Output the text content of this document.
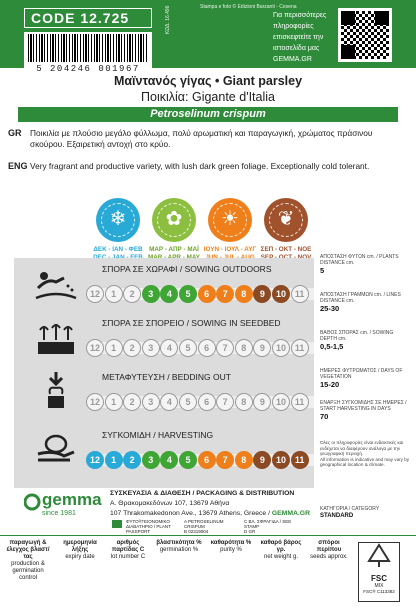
CODE 12.725
5 204246 001967
Stampa e foto © Edizioni Barzanti - Cesena
ΚΩΔ. 16.496	Για περισσότερες πληροφορίες επισκεφτείτε την ιστοσελίδα μας
GEMMA.GR
Μαϊντανός γίγας • Giant parsley
Ποικιλία: Gigante d'Italia
Petroselinum crispum
GR Ποικιλία με πλούσιο μεγάλο φύλλωμα, πολύ αρωματική και παραγωγική, χρώματος πράσινου σκούρου. Εξαιρετική αντοχή στο κρύο.
ENG Very fragrant and productive variety, with lush dark green foliage. Exceptionally cold tolerant.
❄	✿	☀	❦
ΔΕΚ - ΙΑΝ - ΦΕΒ	ΜΑΡ - ΑΠΡ - ΜΑΪ ΙΟΥΝ - ΙΟΥΛ - ΑΥΓ ΣΕΠ - ΟΚΤ - ΝΟΕ
ΣΠΟΡΑ ΣΕ ΧΩΡΑΦΙ / SOWING OUTDOORS
12	1	2	3	4	5	6	7	8	9	10 11
ΣΠΟΡΑ ΣΕ ΣΠΟΡΕΙΟ / SOWING IN SEEDBED
12	1	2	3	4	5	6	7	8	9	10 11
ΜΕΤΑΦΥΤΕΥΣΗ / BEDDING OUT
12	1	2	3	4	5	6	7	8	9	10 11
ΣΥΓΚΟΜΙΔΗ / HARVESTING
12	1	2	3	4	5	6	7	8	9	10 11
ΑΠΟΣΤΑΣΗ ΦΥΤΩΝ cm. / PLANTS DISTANCE cm.
5
ΑΠΟΣΤΑΣΗ ΓΡΑΜΜΩΝ cm. / LINES DISTANCE cm.
25-30
ΒΑΘΟΣ ΣΠΟΡΑΣ cm. / SOWING DEPTH cm.
0,5-1,5
ΗΜΕΡΕΣ ΦΥΤΡΩΜΑΤΟΣ / DAYS OF VEGETATION
15-20
ΕΝΑΡΞΗ ΣΥΓΚΟΜΙΔΗΣ ΣΕ ΗΜΕΡΕΣ / START HARVESTING IN DAYS
70
Όλες οι πληροφορίες είναι ενδεικτικές και ενδέχεται να διαφέρουν ανάλογα με την γεωγραφική περιοχή.
All information is indicative and may vary by geographical location & climate.
ΚΑΤΗΓΟΡΙΑ / CATEGORY
STANDARD
gemma
since 1981
ΣΥΣΚΕΥΑΣΙΑ & ΔΙΑΘΕΣΗ / PACKAGING & DISTRIBUTION
Α. Θρακομακεδόνων 107, 13679 Αθήνα
107 Thrakomakedonon Ave., 13679 Athens, Greece / GEMMA.GR
ΦΥΤΟΫΓΕΙΟΝΟΜΙΚΟ ΔΙΑΒΑΤΗΡΙΟ / PLANT PASSPORT
A PETROSELINUM CRISPUM
B 02319004
C ΒΛ. ΣΦΡΑΓΙΔΑ / SEE STAMP
D GR
παραγωγή & έλεγχος βλαστ/τας
production & germination control
ημερομηνία λήξης
expiry date
αριθμός παρτίδας C
lot number C
βλαστικότητα %
germination %
καθαρότητα %
purity %
καθαρό βάρος γρ.
net weight g.
σπόροι περίπου
seeds approx.
FSC
MIX
FSC® C113382
